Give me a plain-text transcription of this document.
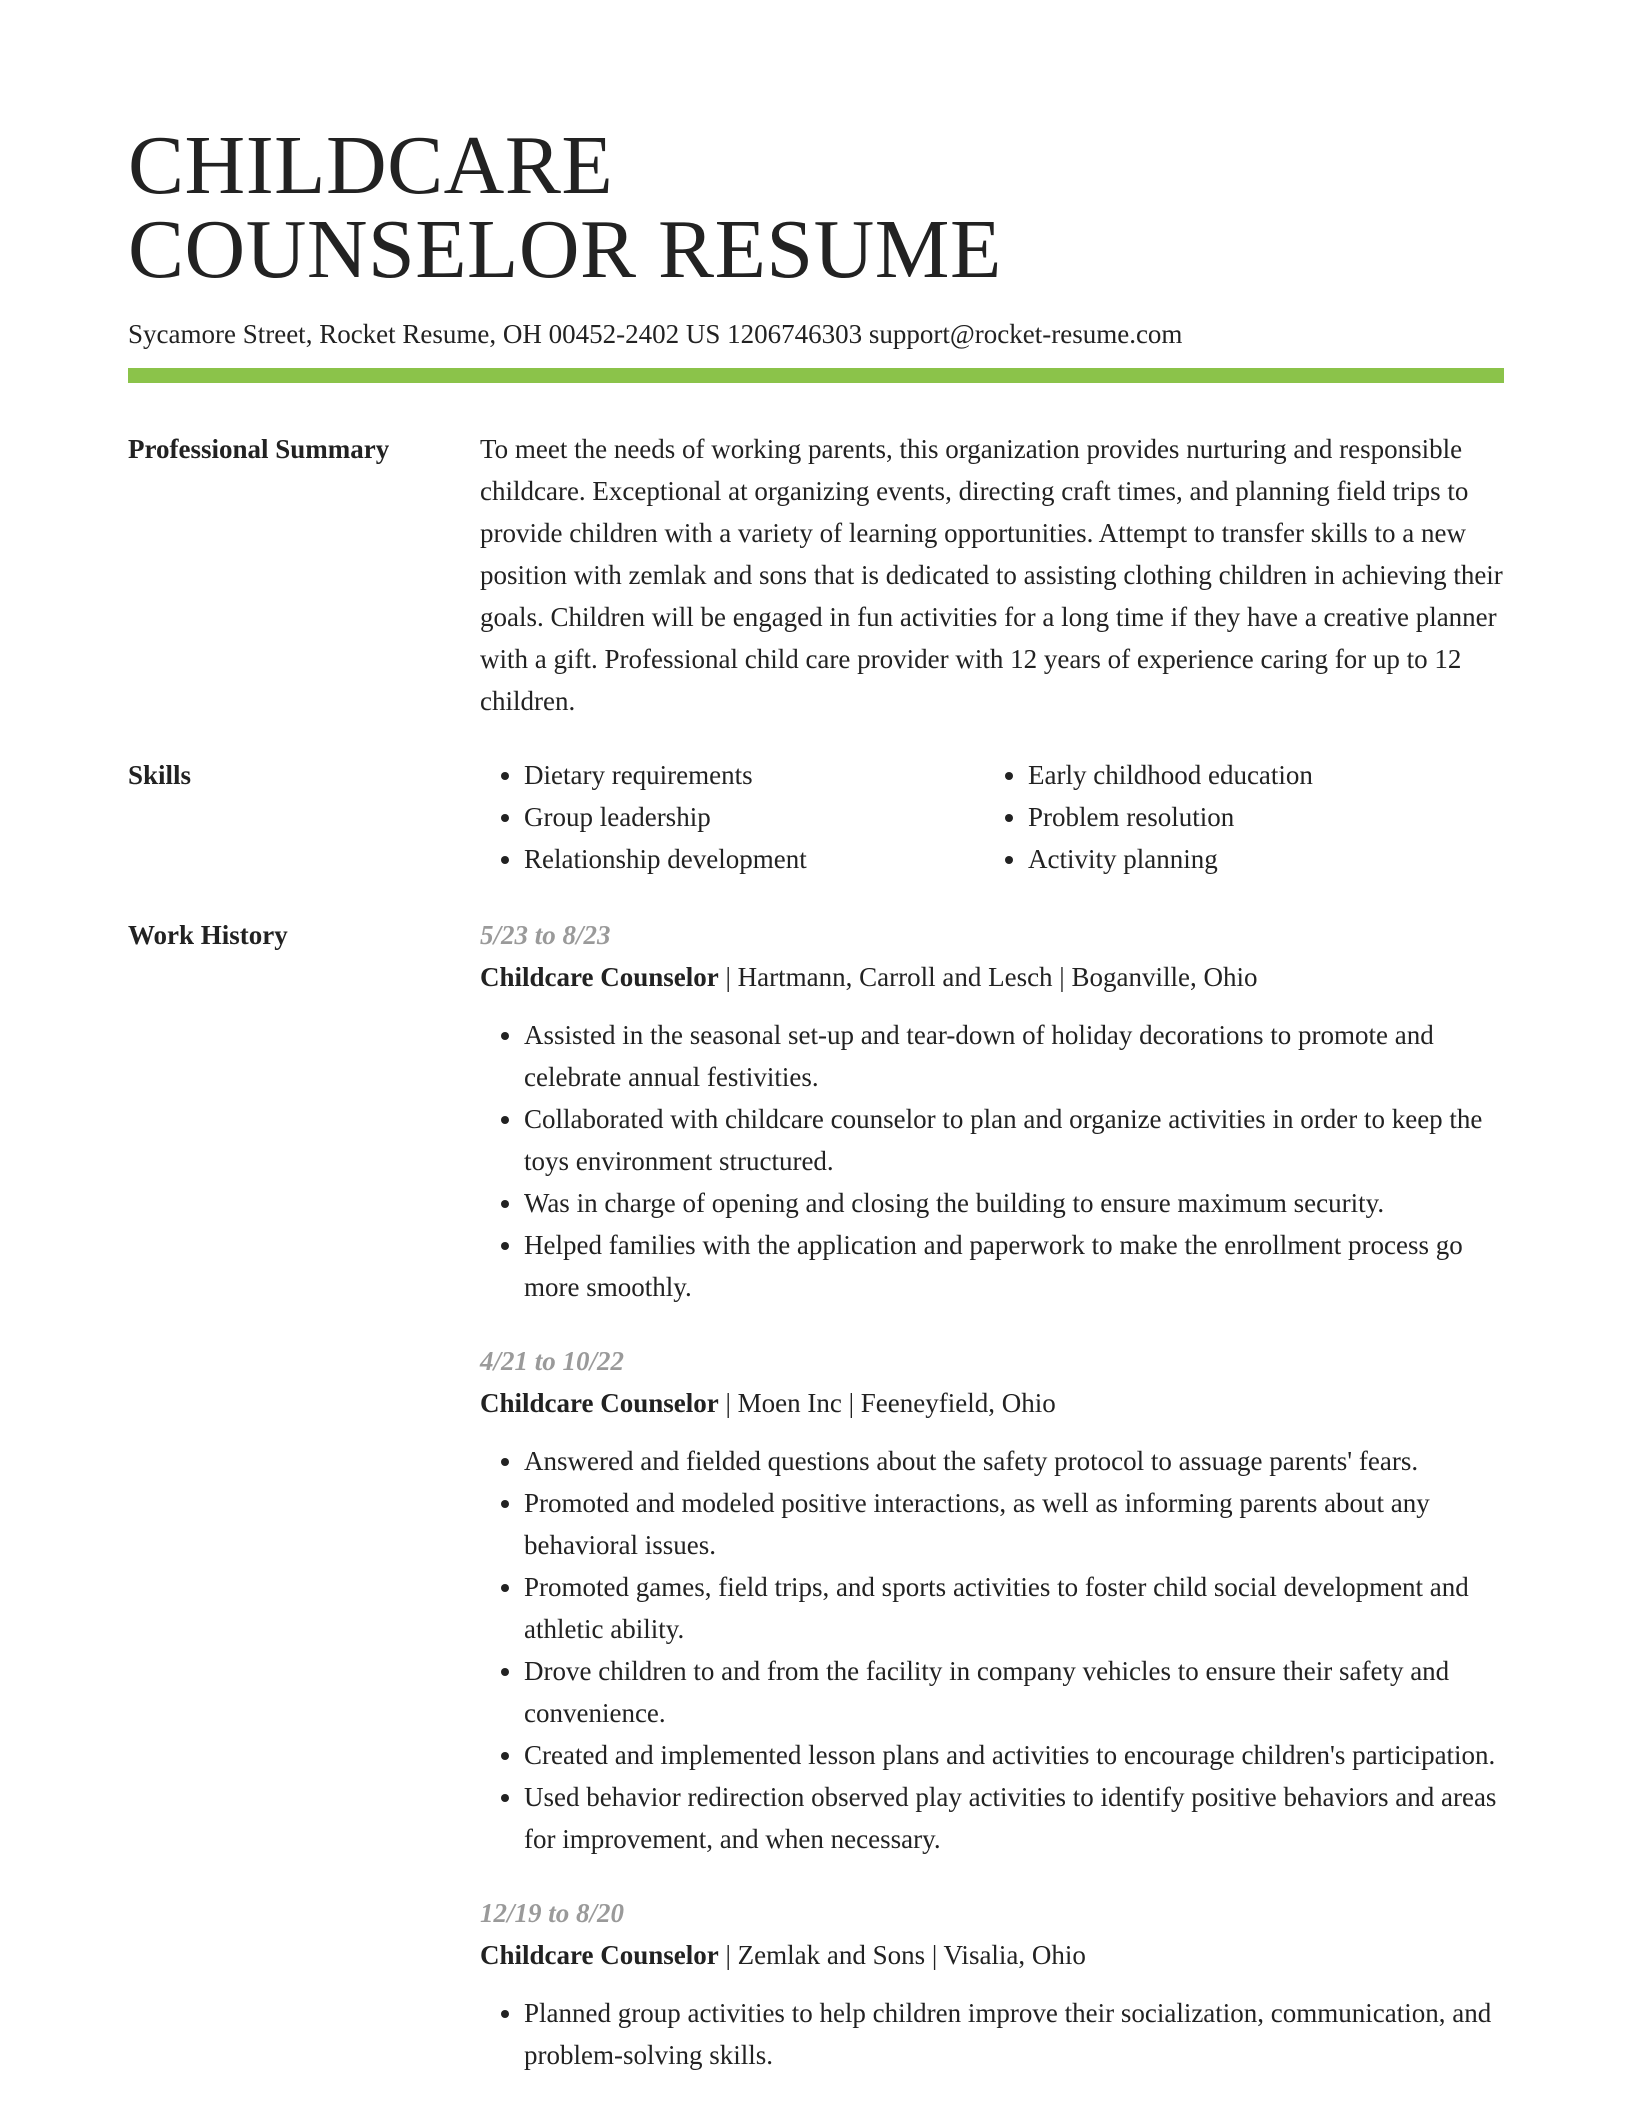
CHILDCARE
COUNSELOR RESUME
Sycamore Street, Rocket Resume, OH 00452-2402 US 1206746303 support@rocket-resume.com
Professional Summary	To meet the needs of working parents, this organization provides nurturing and responsible childcare. Exceptional at organizing events, directing craft times, and planning field trips to provide children with a variety of learning opportunities. Attempt to transfer skills to a new position with zemlak and sons that is dedicated to assisting clothing children in achieving their goals. Children will be engaged in fun activities for a long time if they have a creative planner with a gift. Professional child care provider with 12 years of experience caring for up to 12 children.

Skills
•	Dietary requirements
• Group leadership
• Relationship development
• Early childhood education
• Problem resolution
• Activity planning
Work History	5/23 to 8/23
Childcare Counselor | Hartmann, Carroll and Lesch | Boganville, Ohio
• Assisted in the seasonal set-up and tear-down of holiday decorations to promote and celebrate annual festivities.
• Collaborated with childcare counselor to plan and organize activities in order to keep the toys environment structured.
• Was in charge of opening and closing the building to ensure maximum security.
• Helped families with the application and paperwork to make the enrollment process go more smoothly.
4/21 to 10/22
Childcare Counselor | Moen Inc | Feeneyfield, Ohio
• Answered and fielded questions about the safety protocol to assuage parents' fears.
• Promoted and modeled positive interactions, as well as informing parents about any behavioral issues.
• Promoted games, field trips, and sports activities to foster child social development and athletic ability.
• Drove children to and from the facility in company vehicles to ensure their safety and convenience.
• Created and implemented lesson plans and activities to encourage children's participation.
• Used behavior redirection observed play activities to identify positive behaviors and areas for improvement, and when necessary.
12/19 to 8/20
Childcare Counselor | Zemlak and Sons | Visalia, Ohio
• Planned group activities to help children improve their socialization, communication, and problem-solving skills.
